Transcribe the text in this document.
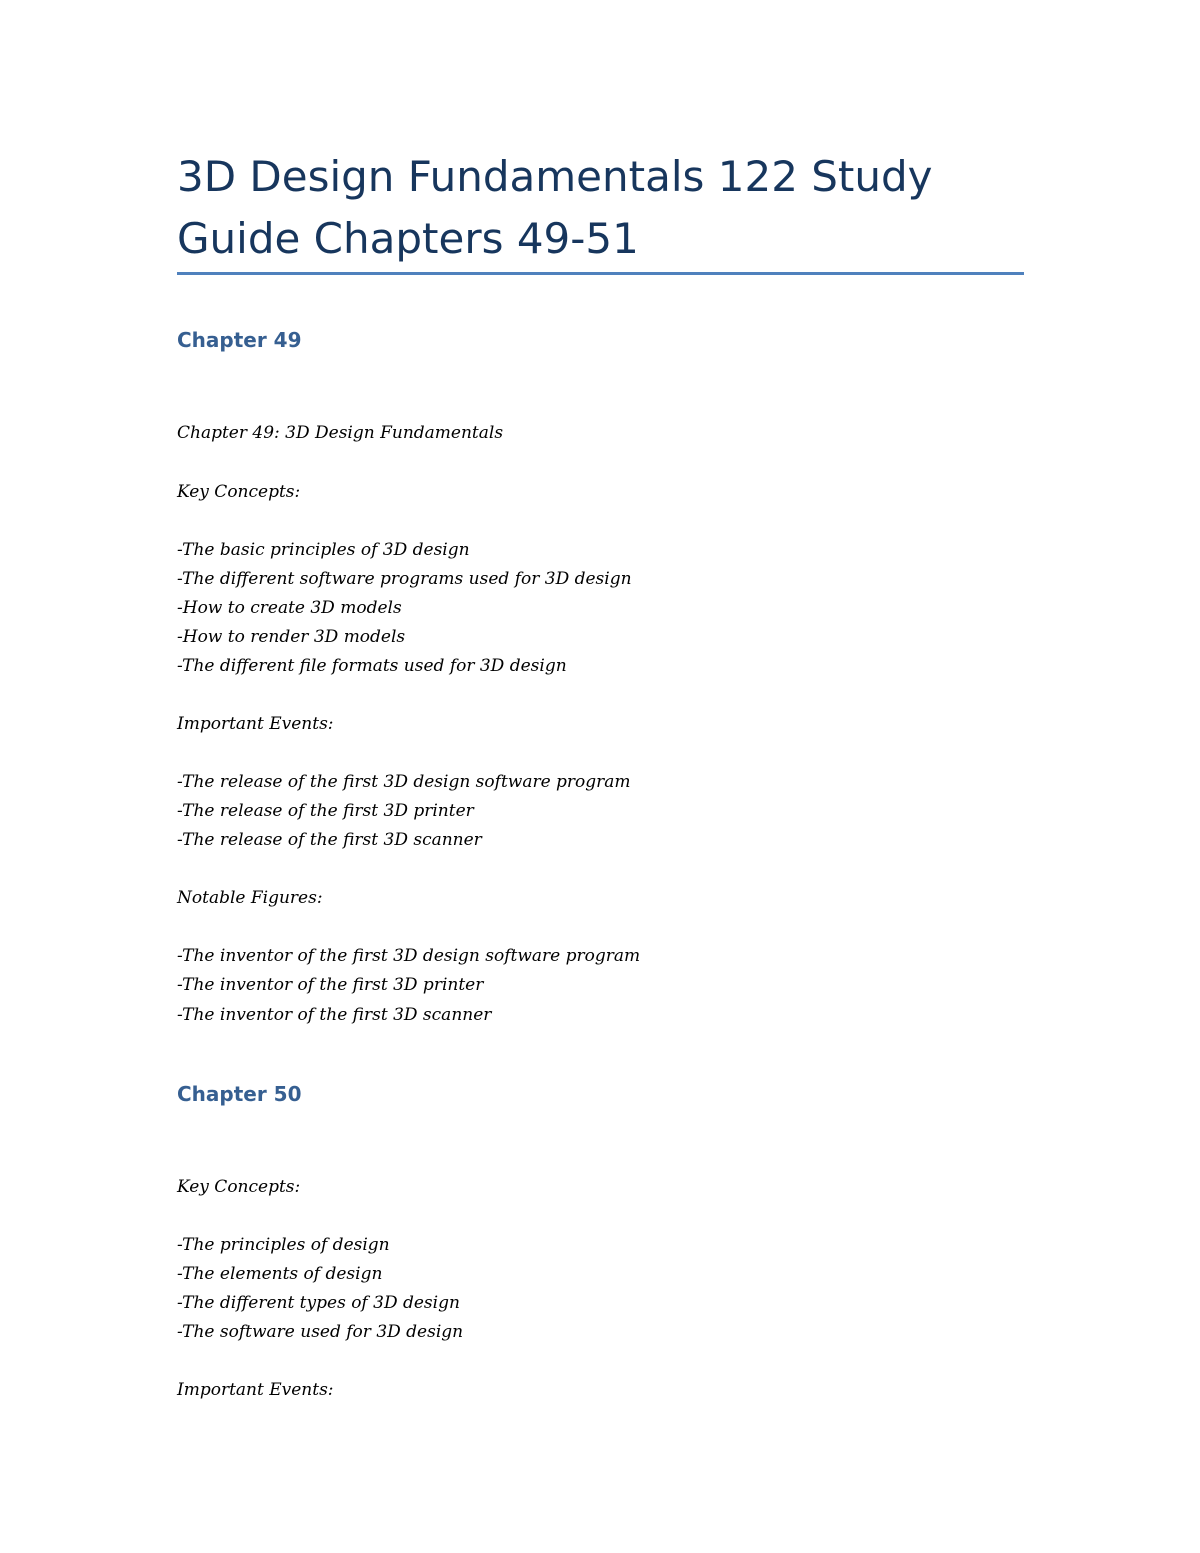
3D Design Fundamentals 122 Study Guide Chapters 49-51
Chapter 49

Chapter 49: 3D Design Fundamentals

Key Concepts:

-The basic principles of 3D design

-The different software programs used for 3D design

-How to create 3D models

-How to render 3D models

-The different file formats used for 3D design

Important Events:

-The release of the first 3D design software program

-The release of the first 3D printer

-The release of the first 3D scanner

Notable Figures:

-The inventor of the first 3D design software program

-The inventor of the first 3D printer

-The inventor of the first 3D scanner

Chapter 50

Key Concepts:

-The principles of design

-The elements of design

-The different types of 3D design

-The software used for 3D design

Important Events:
